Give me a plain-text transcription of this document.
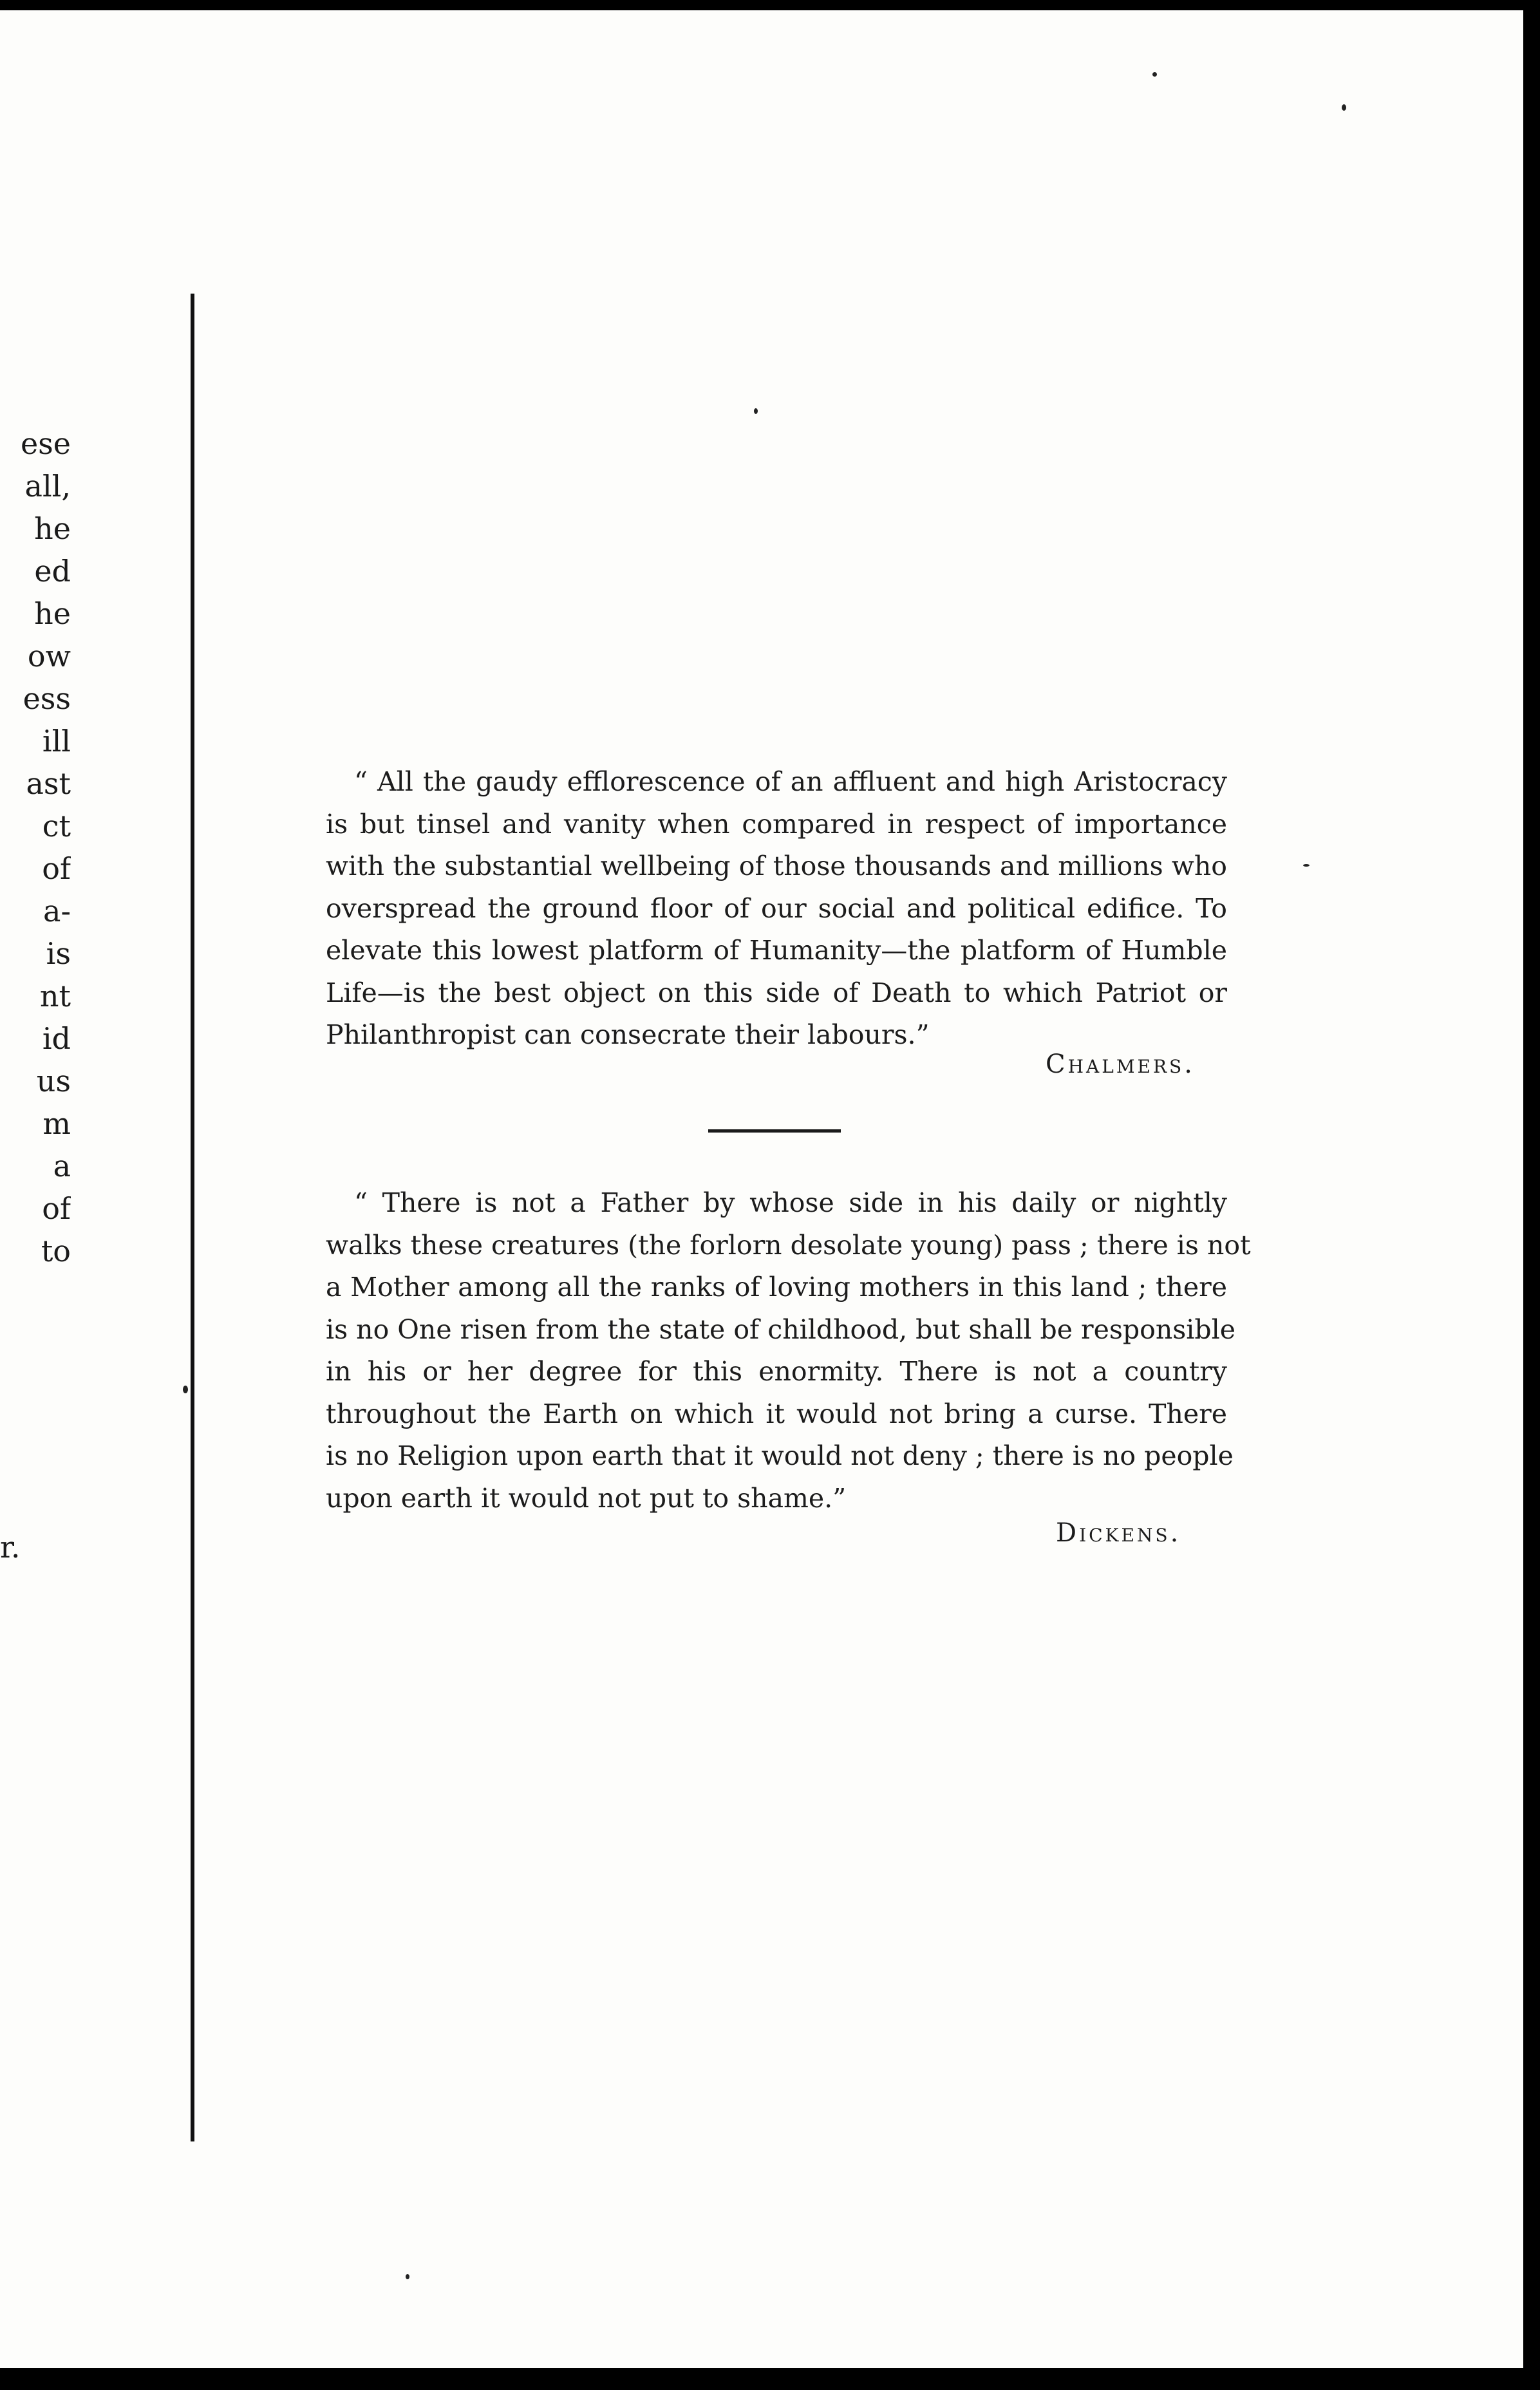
ese
all,
he
ed
he
ow
ess
ill
ast
ct
of
a-
is
nt
id
us
m
a
of
to
r.
“ All the gaudy efflorescence of an affluent and high Aristocracy
is but tinsel and vanity when compared in respect of importance
with the substantial wellbeing of those thousands and millions who
overspread the ground floor of our social and political edifice. To
elevate this lowest platform of Humanity—the platform of Humble
Life—is the best object on this side of Death to which Patriot or
Philanthropist can consecrate their labours.”
Chalmers.
“ There is not a Father by whose side in his daily or nightly
walks these creatures (the forlorn desolate young) pass ; there is not
a Mother among all the ranks of loving mothers in this land ; there
is no One risen from the state of childhood, but shall be responsible
in his or her degree for this enormity. There is not a country
throughout the Earth on which it would not bring a curse. There
is no Religion upon earth that it would not deny ; there is no people
upon earth it would not put to shame.”
Dickens.
